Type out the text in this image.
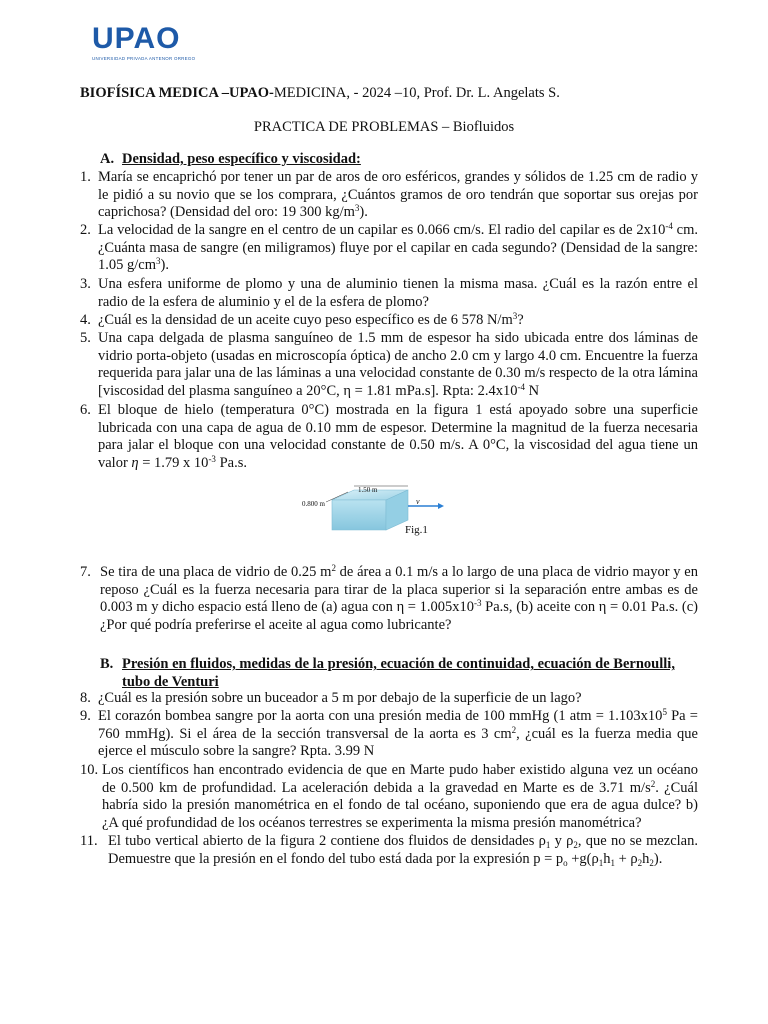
UPAO
UNIVERSIDAD PRIVADA ANTENOR ORREGO
BIOFÍSICA MEDICA –UPAO-MEDICINA, - 2024 –10, Prof. Dr. L. Angelats S.
PRACTICA DE PROBLEMAS – Biofluidos
A. Densidad, peso específico y viscosidad:
1. María se encaprichó por tener un par de aros de oro esféricos, grandes y sólidos de 1.25 cm de radio y le pidió a su novio que se los comprara, ¿Cuántos gramos de oro tendrán que soportar sus orejas por caprichosa? (Densidad del oro: 19 300 $kg/m^3$).
2. La velocidad de la sangre en el centro de un capilar es 0.066 cm/s. El radio del capilar es de $2x10^{-4}$ cm. ¿Cuánta masa de sangre (en miligramos) fluye por el capilar en cada segundo? (Densidad de la sangre: 1.05 $g/cm^3$).
3. Una esfera uniforme de plomo y una de aluminio tienen la misma masa. ¿Cuál es la razón entre el radio de la esfera de aluminio y el de la esfera de plomo?
4. ¿Cuál es la densidad de un aceite cuyo peso específico es de 6 578 $N/m^3$?
5. Una capa delgada de plasma sanguíneo de 1.5 mm de espesor ha sido ubicada entre dos láminas de vidrio porta-objeto (usadas en microscopía óptica) de ancho 2.0 cm y largo 4.0 cm. Encuentre la fuerza requerida para jalar una de las láminas a una velocidad constante de 0.30 m/s respecto de la otra lámina [viscosidad del plasma sanguíneo a 20°C, η = 1.81 mPa.s]. Rpta: $2.4x10^{-4}$ N
6. El bloque de hielo (temperatura 0°C) mostrada en la figura 1 está apoyado sobre una superficie lubricada con una capa de agua de 0.10 mm de espesor. Determine la magnitud de la fuerza necesaria para jalar el bloque con una velocidad constante de 0.50 m/s. A 0°C, la viscosidad del agua tiene un valor η = 1.79 x $10^{-3}$ Pa.s.
1.50 m
0.800 m	v⃗
Fig.1
7. Se tira de una placa de vidrio de 0.25 $m^2$ de área a 0.1 m/s a lo largo de una placa de vidrio mayor y en reposo ¿Cuál es la fuerza necesaria para tirar de la placa superior si la separación entre ambas es de 0.003 m y dicho espacio está lleno de (a) agua con $\eta = 1.005x10^{-3}$ Pa.s, (b) aceite con η = 0.01 Pa.s. (c) ¿Por qué podría preferirse el aceite al agua como lubricante?
B. Presión en fluidos, medidas de la presión, ecuación de continuidad, ecuación de Bernoulli,
tubo de Venturi
8. ¿Cuál es la presión sobre un buceador a 5 m por debajo de la superficie de un lago?
9. El corazón bombea sangre por la aorta con una presión media de 100 mmHg (1 atm = $1.103x10^5$ Pa = 760 mmHg). Si el área de la sección transversal de la aorta es 3 $cm^2$, ¿cuál es la fuerza media que ejerce el músculo sobre la sangre? Rpta. 3.99 N
10. Los científicos han encontrado evidencia de que en Marte pudo haber existido alguna vez un océano de 0.500 km de profundidad. La aceleración debida a la gravedad en Marte es de 3.71 $m/s^2$. ¿Cuál habría sido la presión manométrica en el fondo de tal océano, suponiendo que era de agua dulce? b) ¿A qué profundidad de los océanos terrestres se experimenta la misma presión manométrica?
11. El tubo vertical abierto de la figura 2 contiene dos fluidos de densidades $\rho_1$ y $\rho_2$, que no se mezclan. Demuestre que la presión en el fondo del tubo está dada por la expresión $p = p_o +g(\rho_1h_1 + \rho_2h_2)$.
